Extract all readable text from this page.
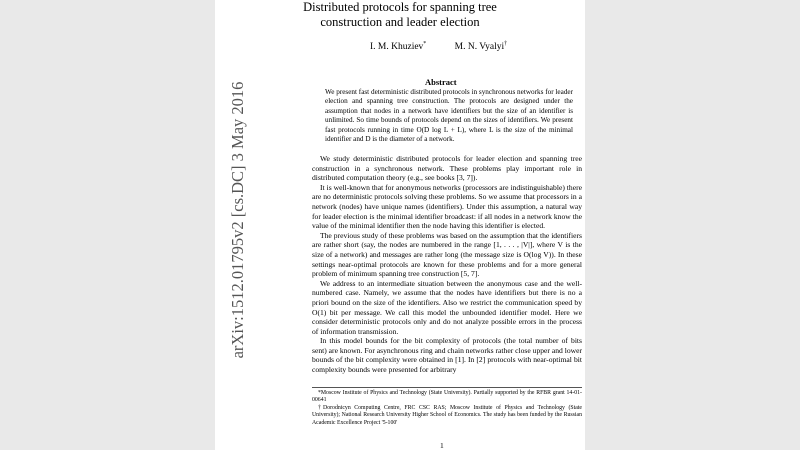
arXiv:1512.01795v2 [cs.DC] 3 May 2016
Distributed protocols for spanning tree
construction and leader election
I. M. Khuziev*	M. N. Vyalyi†
Abstract
We present fast deterministic distributed protocols in synchronous networks for leader election and spanning tree construction. The protocols are designed under the assumption that nodes in a network have identifiers but the size of an identifier is unlimited. So time bounds of protocols depend on the sizes of identifiers. We present fast protocols running in time O(D log L + L), where L is the size of the minimal identifier and D is the diameter of a network.

We study deterministic distributed protocols for leader election and spanning tree construction in a synchronous network. These problems play important role in distributed computation theory (e.g., see books [3, 7]).

It is well-known that for anonymous networks (processors are indistinguishable) there are no deterministic protocols solving these problems. So we assume that processors in a network (nodes) have unique names (identifiers). Under this assumption, a natural way for leader election is the minimal identifier broadcast: if all nodes in a network know the value of the minimal identifier then the node having this identifier is elected.

The previous study of these problems was based on the assumption that the identifiers are rather short (say, the nodes are numbered in the range [1, . . . , |V|], where V is the size of a network) and messages are rather long (the message size is O(log V)). In these settings near-optimal protocols are known for these problems and for a more general problem of minimum spanning tree construction [5, 7].

We address to an intermediate situation between the anonymous case and the well-numbered case. Namely, we assume that the nodes have identifiers but there is no a priori bound on the size of the identifiers. Also we restrict the communication speed by O(1) bit per message. We call this model the unbounded identifier model. Here we consider deterministic protocols only and do not analyze possible errors in the process of information transmission.

In this model bounds for the bit complexity of protocols (the total number of bits sent) are known. For asynchronous ring and chain networks rather close upper and lower bounds of the bit complexity were obtained in [1]. In [2] protocols with near-optimal bit complexity bounds were presented for arbitrary

*Moscow Institute of Physics and Technology (State University). Partially supported by the RFBR grant 14-01-00641
†Dorodnicyn Computing Centre, FRC CSC RAS; Moscow Institute of Physics and Technology (State University); National Research University Higher School of Economics. The study has been funded by the Russian Academic Excellence Project '5-100'
1
